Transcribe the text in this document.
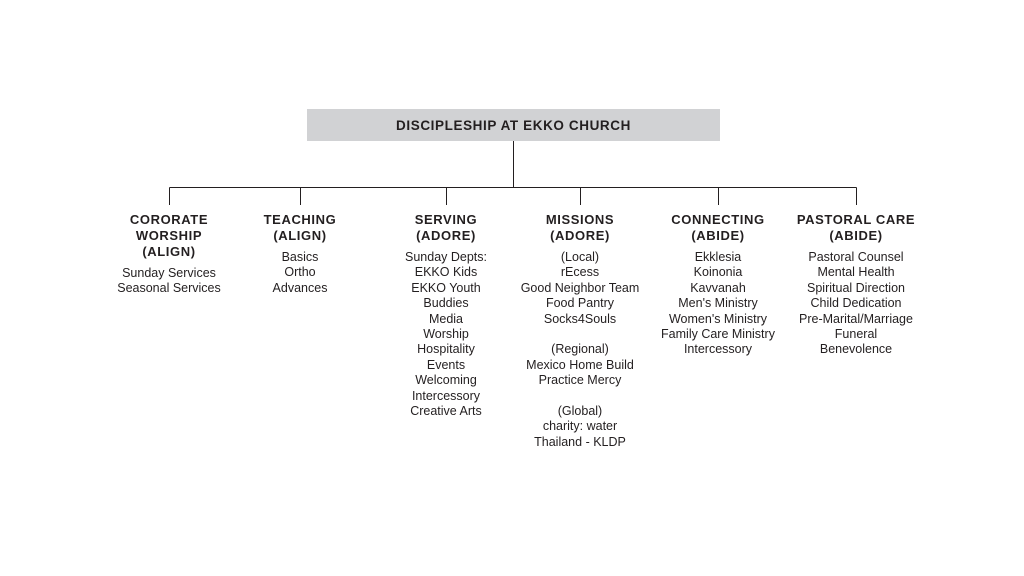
DISCIPLESHIP AT EKKO CHURCH
CORORATE
WORSHIP
(ALIGN)
Sunday Services
Seasonal Services
TEACHING
(ALIGN)
Basics
Ortho
Advances
SERVING
(ADORE)
Sunday Depts:
EKKO Kids
EKKO Youth
Buddies
Media
Worship
Hospitality
Events
Welcoming
Intercessory
Creative Arts
MISSIONS
(ADORE)
(Local)
rEcess
Good Neighbor Team
Food Pantry
Socks4Souls
(Regional)
Mexico Home Build
Practice Mercy
(Global)
charity: water
Thailand - KLDP
CONNECTING
(ABIDE)
Ekklesia
Koinonia
Kavvanah
Men's Ministry
Women's Ministry
Family Care Ministry
Intercessory
PASTORAL CARE
(ABIDE)
Pastoral Counsel
Mental Health
Spiritual Direction
Child Dedication
Pre-Marital/Marriage
Funeral
Benevolence
